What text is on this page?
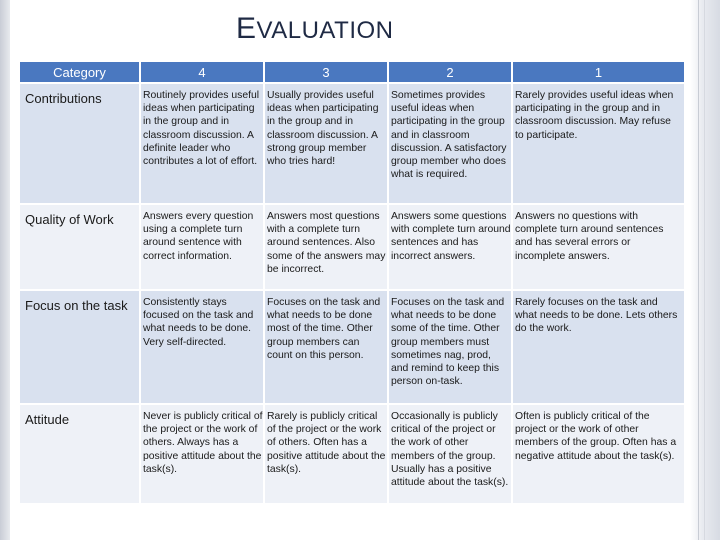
EVALUATION
Category	4	3	2	1
Contributions	Routinely provides useful ideas when participating in the group and in classroom discussion. A definite leader who contributes a lot of effort.	Usually provides useful ideas when participating in the group and in classroom discussion. A strong group member who tries hard!	Sometimes provides useful ideas when participating in the group and in classroom discussion. A satisfactory group member who does what is required.	Rarely provides useful ideas when participating in the group and in classroom discussion. May refuse to participate.
Quality of Work	Answers every question using a complete turn around sentence with correct information.	Answers most questions with a complete turn around sentences. Also some of the answers may be incorrect.	Answers some questions with complete turn around sentences and has incorrect answers.	Answers no questions with complete turn around sentences and has several errors or incomplete answers.
Focus on the task	Consistently stays focused on the task and what needs to be done. Very self-directed.	Focuses on the task and what needs to be done most of the time. Other group members can count on this person.	Focuses on the task and what needs to be done some of the time. Other group members must sometimes nag, prod, and remind to keep this person on-task.	Rarely focuses on the task and what needs to be done. Lets others do the work.
Attitude	Never is publicly critical of the project or the work of others. Always has a positive attitude about the task(s).	Rarely is publicly critical of the project or the work of others. Often has a positive attitude about the task(s).	Occasionally is publicly critical of the project or the work of other members of the group. Usually has a positive attitude about the task(s).	Often is publicly critical of the project or the work of other members of the group. Often has a negative attitude about the task(s).
